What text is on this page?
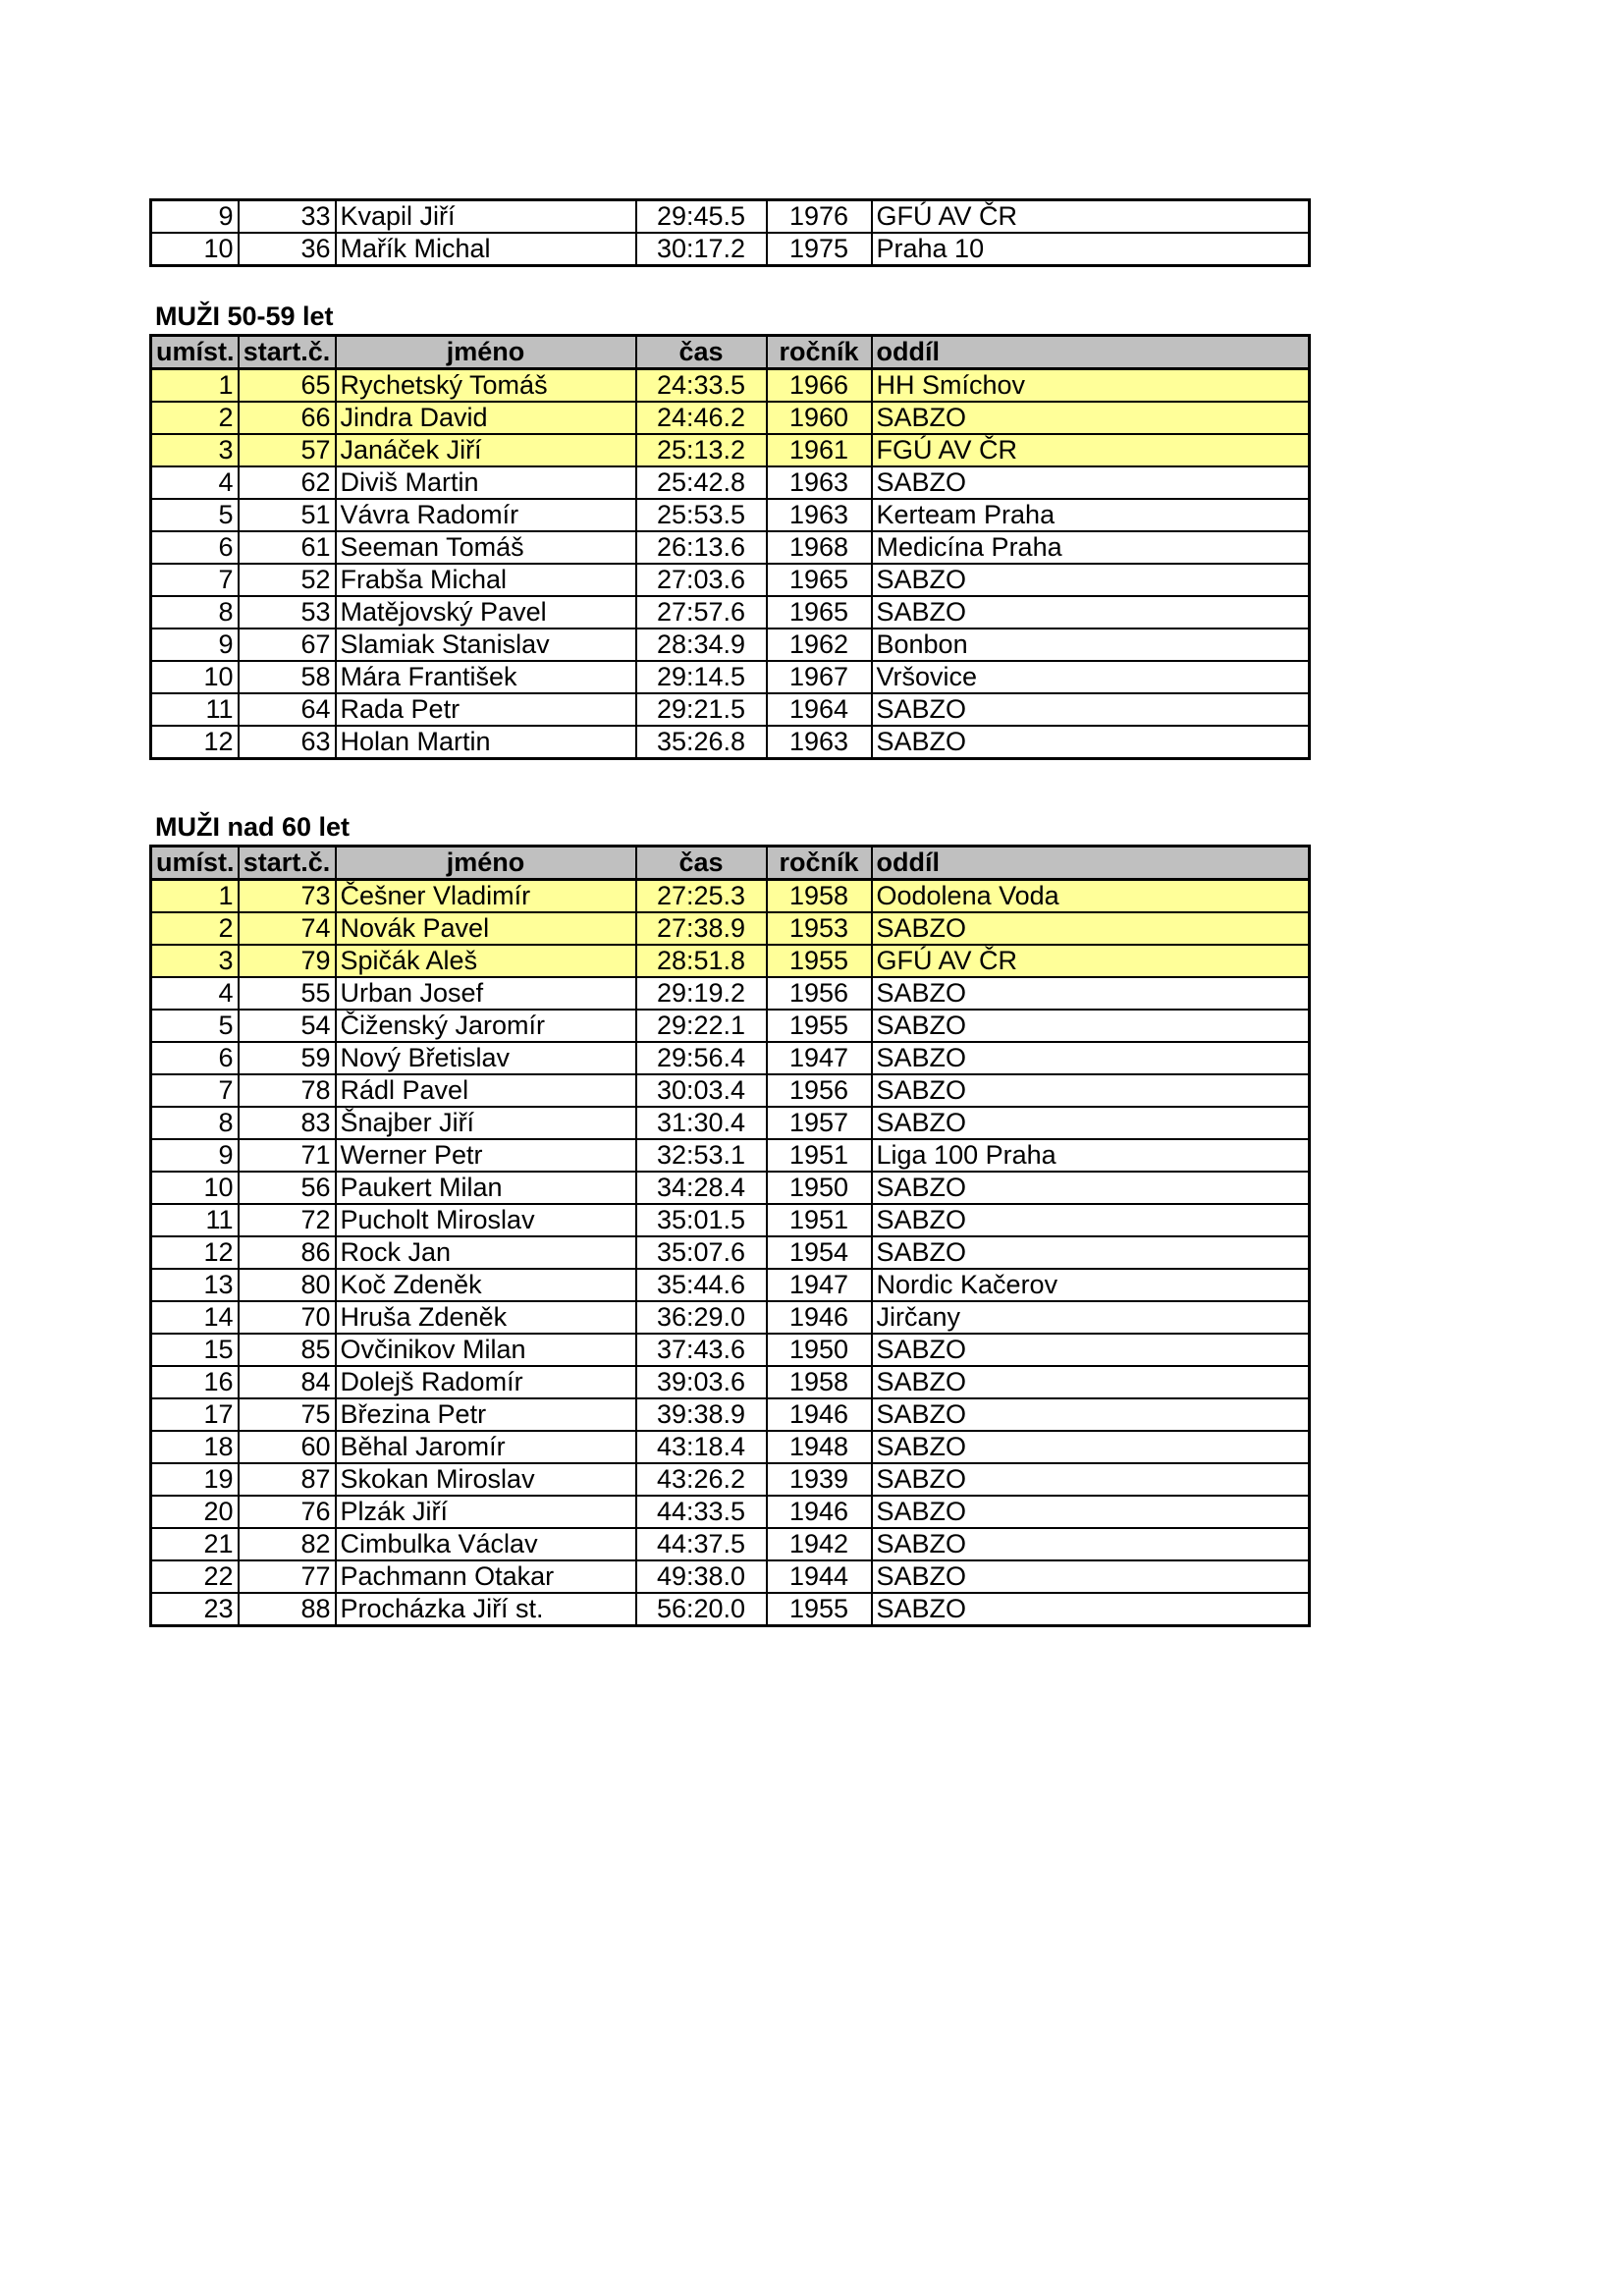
9	33	Kvapil Jiří	29:45.5	1976	GFÚ AV ČR
10	36	Mařík Michal	30:17.2	1975	Praha 10
MUŽI 50-59 let
umíst.	start.č.	jméno	čas	ročník	oddíl
1	65	Rychetský Tomáš	24:33.5	1966	HH Smíchov
2	66	Jindra David	24:46.2	1960	SABZO
3	57	Janáček Jiří	25:13.2	1961	FGÚ AV ČR
4	62	Diviš Martin	25:42.8	1963	SABZO
5	51	Vávra Radomír	25:53.5	1963	Kerteam Praha
6	61	Seeman Tomáš	26:13.6	1968	Medicína Praha
7	52	Frabša Michal	27:03.6	1965	SABZO
8	53	Matějovský Pavel	27:57.6	1965	SABZO
9	67	Slamiak Stanislav	28:34.9	1962	Bonbon
10	58	Mára František	29:14.5	1967	Vršovice
11	64	Rada Petr	29:21.5	1964	SABZO
12	63	Holan Martin	35:26.8	1963	SABZO
MUŽI nad 60 let
umíst.	start.č.	jméno	čas	ročník	oddíl
1	73	Češner Vladimír	27:25.3	1958	Oodolena Voda
2	74	Novák Pavel	27:38.9	1953	SABZO
3	79	Spičák Aleš	28:51.8	1955	GFÚ AV ČR
4	55	Urban Josef	29:19.2	1956	SABZO
5	54	Čiženský Jaromír	29:22.1	1955	SABZO
6	59	Nový Břetislav	29:56.4	1947	SABZO
7	78	Rádl Pavel	30:03.4	1956	SABZO
8	83	Šnajber Jiří	31:30.4	1957	SABZO
9	71	Werner Petr	32:53.1	1951	Liga 100 Praha
10	56	Paukert Milan	34:28.4	1950	SABZO
11	72	Pucholt Miroslav	35:01.5	1951	SABZO
12	86	Rock Jan	35:07.6	1954	SABZO
13	80	Koč Zdeněk	35:44.6	1947	Nordic Kačerov
14	70	Hruša Zdeněk	36:29.0	1946	Jirčany
15	85	Ovčinikov Milan	37:43.6	1950	SABZO
16	84	Dolejš Radomír	39:03.6	1958	SABZO
17	75	Březina Petr	39:38.9	1946	SABZO
18	60	Běhal Jaromír	43:18.4	1948	SABZO
19	87	Skokan Miroslav	43:26.2	1939	SABZO
20	76	Plzák Jiří	44:33.5	1946	SABZO
21	82	Cimbulka Václav	44:37.5	1942	SABZO
22	77	Pachmann Otakar	49:38.0	1944	SABZO
23	88	Procházka Jiří st.	56:20.0	1955	SABZO
